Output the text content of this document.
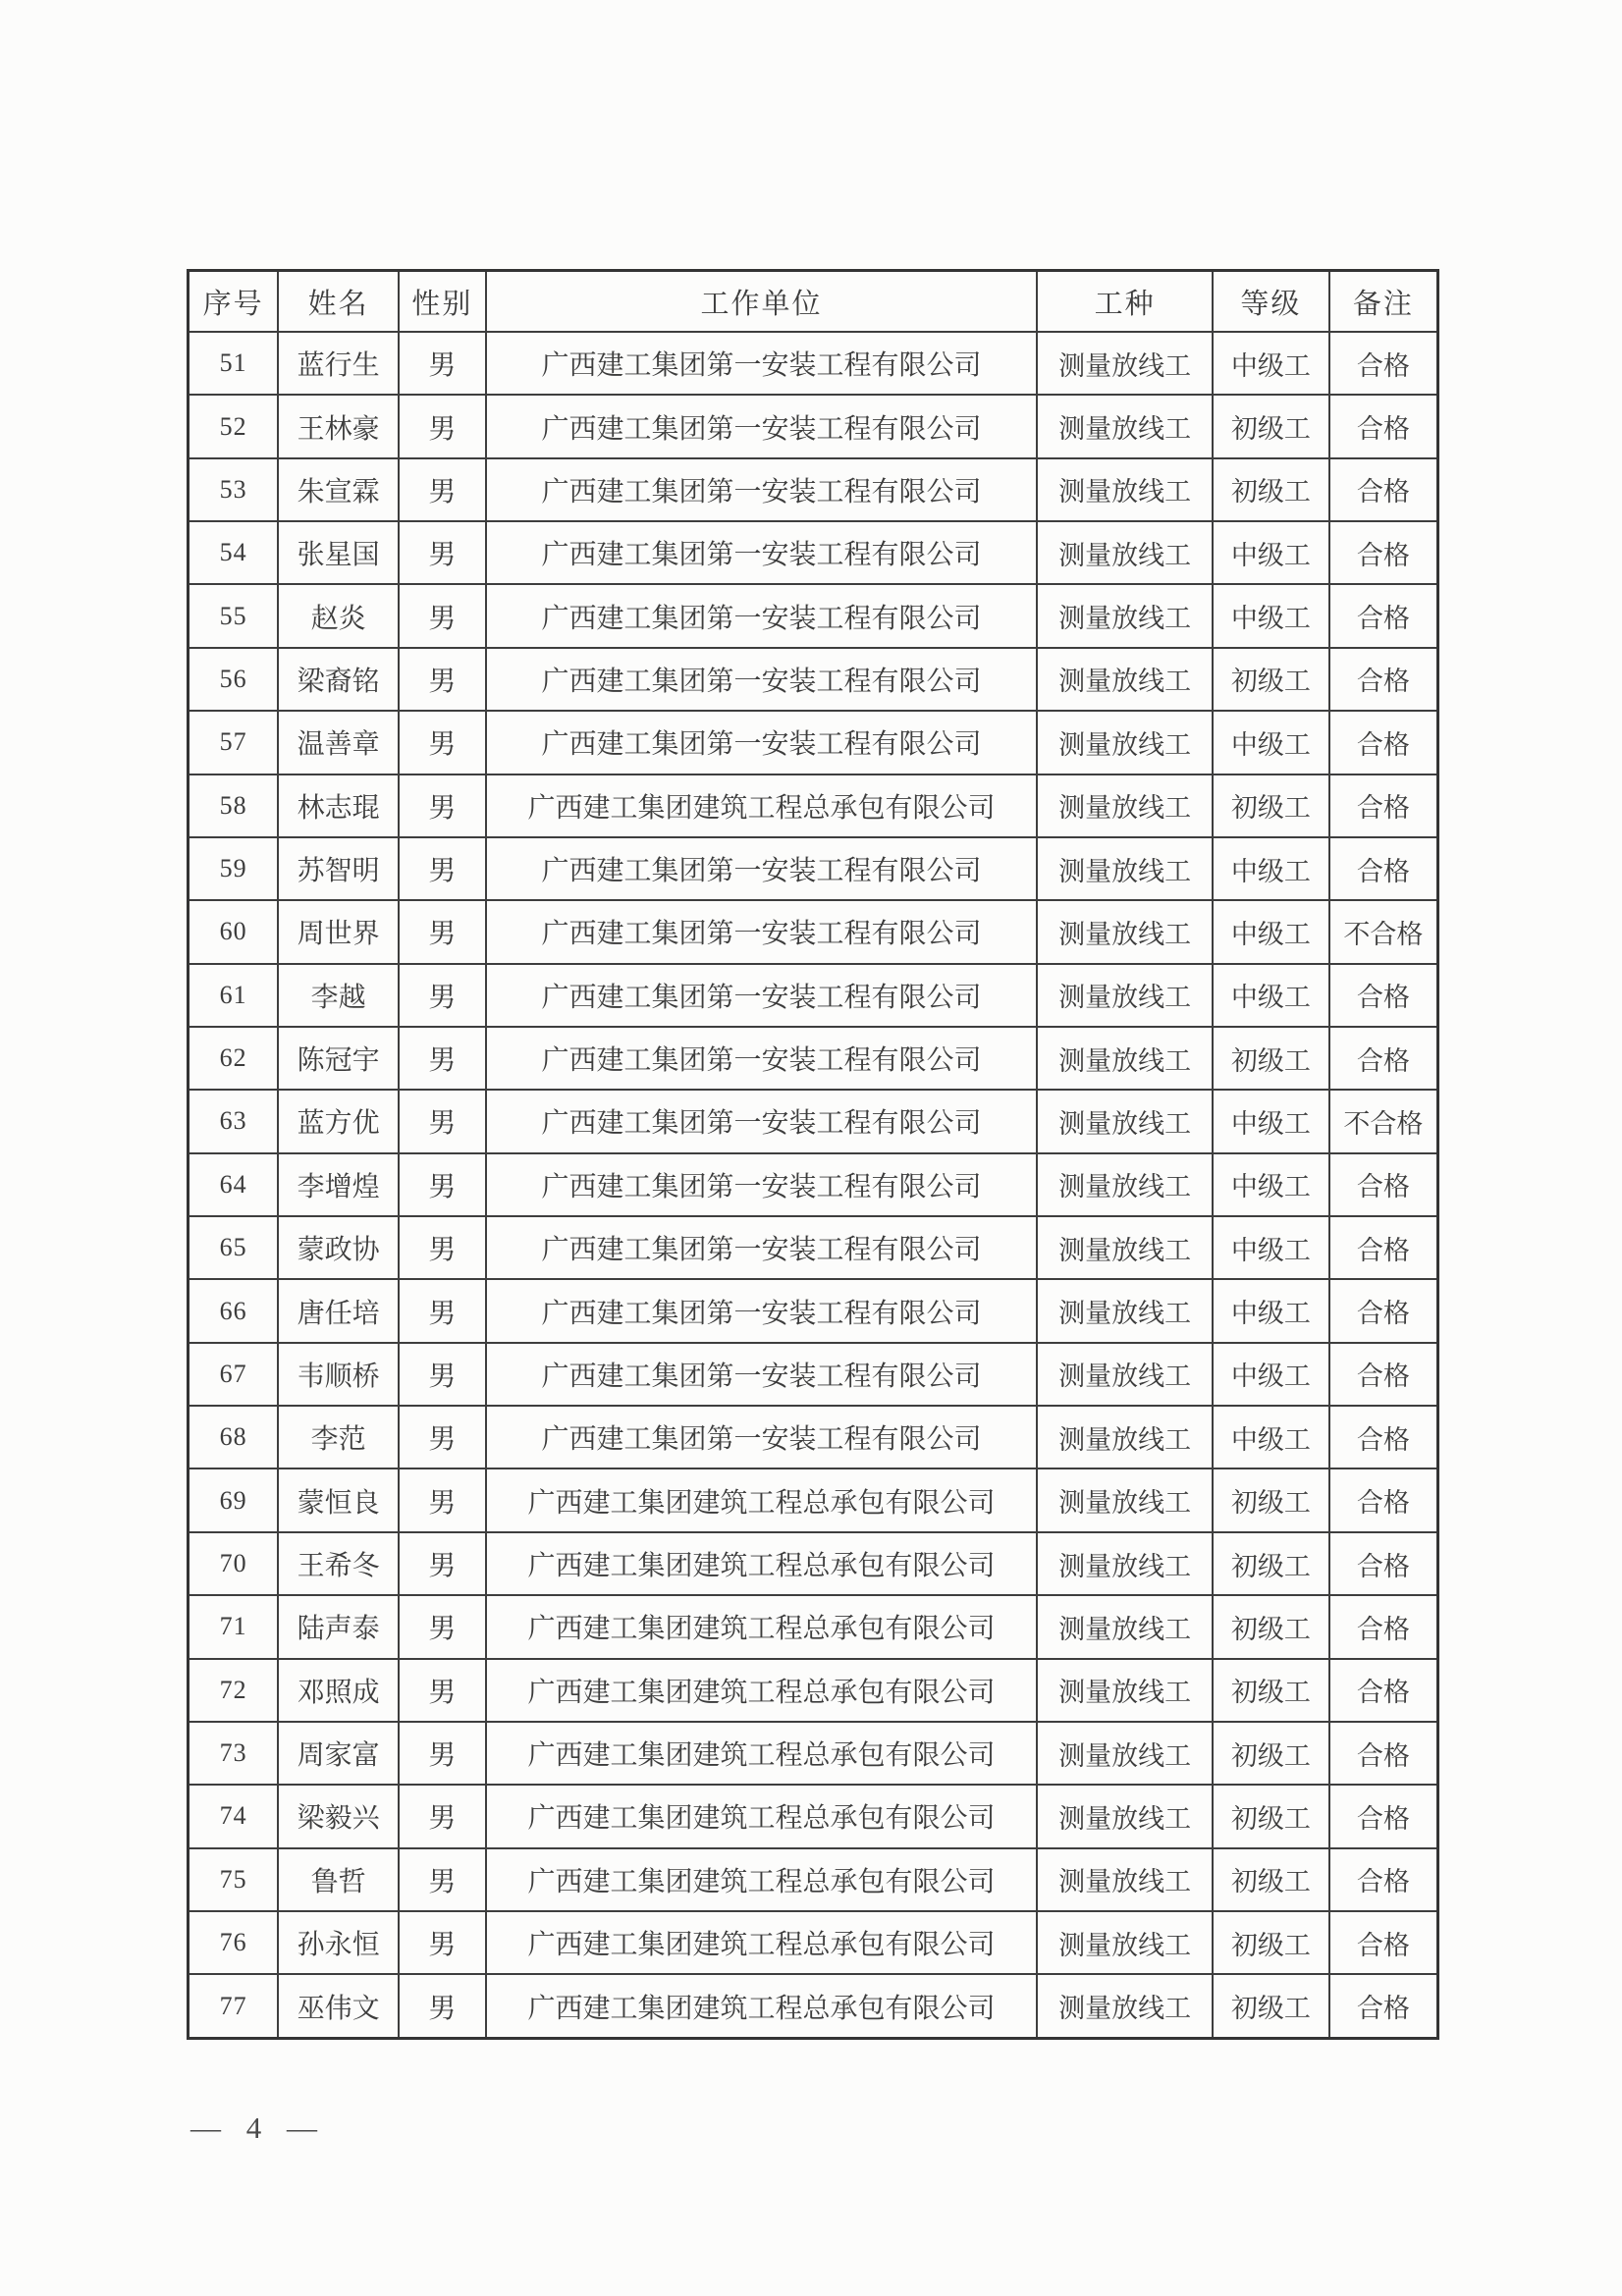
序号	姓名	性别	工作单位	工种	等级	备注
51	蓝行生	男	广西建工集团第一安装工程有限公司	测量放线工	中级工	合格
52	王林豪	男	广西建工集团第一安装工程有限公司	测量放线工	初级工	合格
53	朱宣霖	男	广西建工集团第一安装工程有限公司	测量放线工	初级工	合格
54	张星国	男	广西建工集团第一安装工程有限公司	测量放线工	中级工	合格
55	赵炎	男	广西建工集团第一安装工程有限公司	测量放线工	中级工	合格
56	梁裔铭	男	广西建工集团第一安装工程有限公司	测量放线工	初级工	合格
57	温善章	男	广西建工集团第一安装工程有限公司	测量放线工	中级工	合格
58	林志琨	男	广西建工集团建筑工程总承包有限公司	测量放线工	初级工	合格
59	苏智明	男	广西建工集团第一安装工程有限公司	测量放线工	中级工	合格
60	周世界	男	广西建工集团第一安装工程有限公司	测量放线工	中级工	不合格
61	李越	男	广西建工集团第一安装工程有限公司	测量放线工	中级工	合格
62	陈冠宇	男	广西建工集团第一安装工程有限公司	测量放线工	初级工	合格
63	蓝方优	男	广西建工集团第一安装工程有限公司	测量放线工	中级工	不合格
64	李增煌	男	广西建工集团第一安装工程有限公司	测量放线工	中级工	合格
65	蒙政协	男	广西建工集团第一安装工程有限公司	测量放线工	中级工	合格
66	唐任培	男	广西建工集团第一安装工程有限公司	测量放线工	中级工	合格
67	韦顺桥	男	广西建工集团第一安装工程有限公司	测量放线工	中级工	合格
68	李范	男	广西建工集团第一安装工程有限公司	测量放线工	中级工	合格
69	蒙恒良	男	广西建工集团建筑工程总承包有限公司	测量放线工	初级工	合格
70	王希冬	男	广西建工集团建筑工程总承包有限公司	测量放线工	初级工	合格
71	陆声泰	男	广西建工集团建筑工程总承包有限公司	测量放线工	初级工	合格
72	邓照成	男	广西建工集团建筑工程总承包有限公司	测量放线工	初级工	合格
73	周家富	男	广西建工集团建筑工程总承包有限公司	测量放线工	初级工	合格
74	梁毅兴	男	广西建工集团建筑工程总承包有限公司	测量放线工	初级工	合格
75	鲁哲	男	广西建工集团建筑工程总承包有限公司	测量放线工	初级工	合格
76	孙永恒	男	广西建工集团建筑工程总承包有限公司	测量放线工	初级工	合格
77	巫伟文	男	广西建工集团建筑工程总承包有限公司	测量放线工	初级工	合格
— 4 —
